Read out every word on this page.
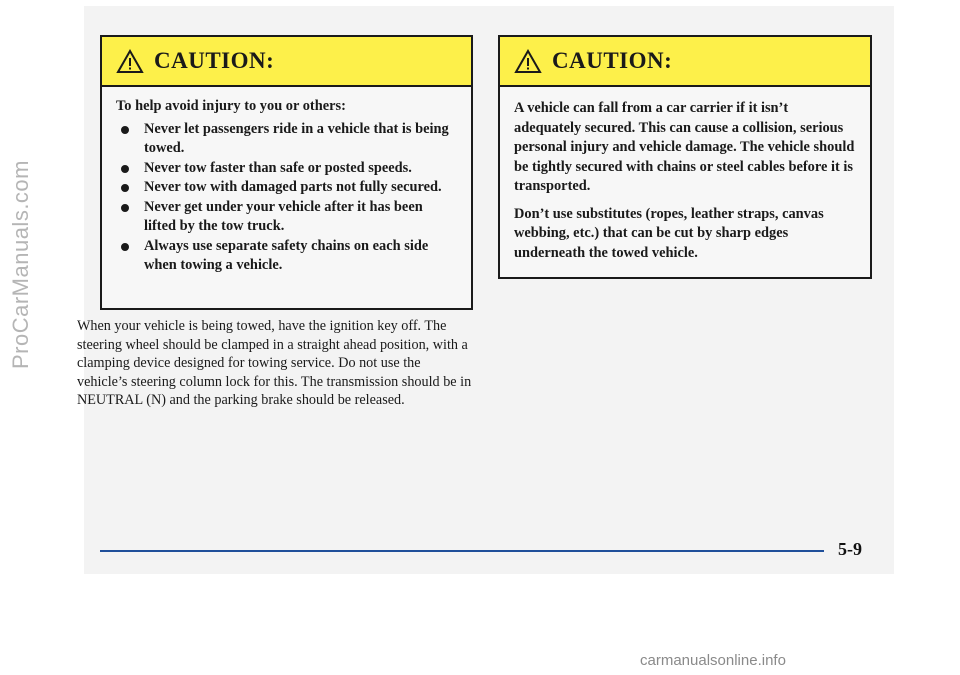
CAUTION:

To help avoid injury to you or others:

Never let passengers ride in a vehicle that is being towed.
Never tow faster than safe or posted speeds.
Never tow with damaged parts not fully secured.
Never get under your vehicle after it has been lifted by the tow truck.
Always use separate safety chains on each side when towing a vehicle.
CAUTION:

A vehicle can fall from a car carrier if it isn’t adequately secured. This can cause a collision, serious personal injury and vehicle damage. The vehicle should be tightly secured with chains or steel cables before it is transported.

Don’t use substitutes (ropes, leather straps, canvas webbing, etc.) that can be cut by sharp edges underneath the towed vehicle.

5-9

When your vehicle is being towed, have the ignition key off. The steering wheel should be clamped in a straight ahead position, with a clamping device designed for towing service. Do not use the vehicle’s steering column lock for this. The transmission should be in NEUTRAL (N) and the parking brake should be released.

ProCarManuals.com
carmanualsonline.info
